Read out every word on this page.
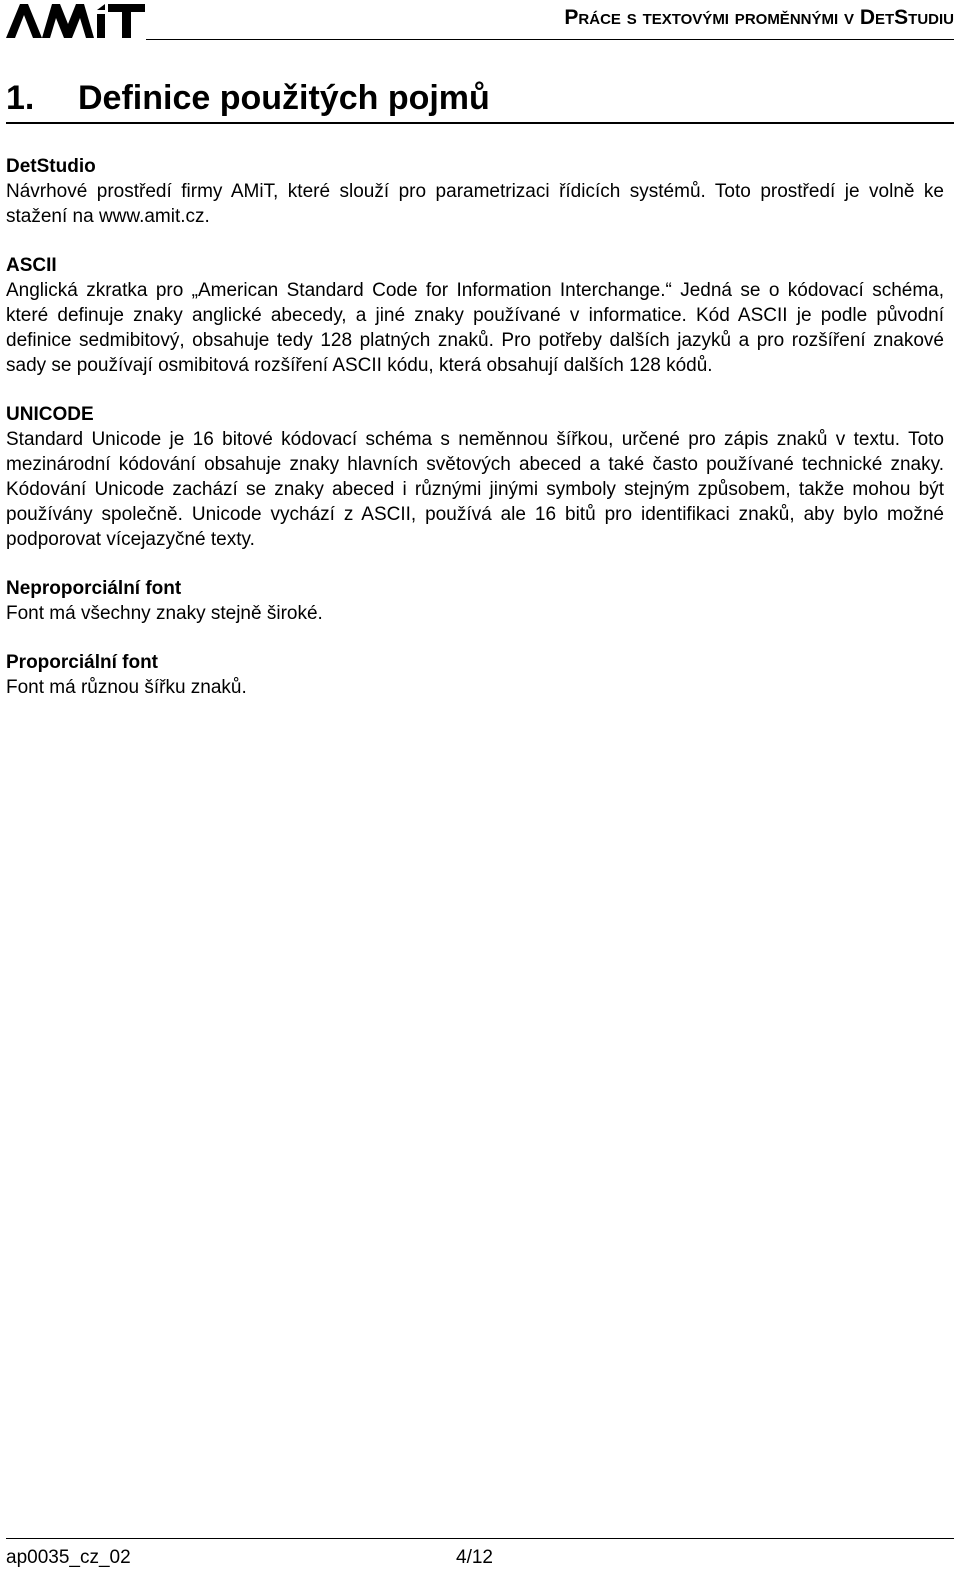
Práce s textovými proměnnými v DetStudiu
1. Definice použitých pojmů

DetStudio

Návrhové prostředí firmy AMiT, které slouží pro parametrizaci řídicích systémů. Toto prostředí je volně ke stažení na www.amit.cz.

ASCII

Anglická zkratka pro „American Standard Code for Information Interchange.“ Jedná se o kódovací schéma, které definuje znaky anglické abecedy, a jiné znaky používané v informatice. Kód ASCII je podle původní definice sedmibitový, obsahuje tedy 128 platných znaků. Pro potřeby dalších jazyků a pro rozšíření znakové sady se používají osmibitová rozšíření ASCII kódu, která obsahují dalších 128 kódů.

UNICODE

Standard Unicode je 16 bitové kódovací schéma s neměnnou šířkou, určené pro zápis znaků v textu. Toto mezinárodní kódování obsahuje znaky hlavních světových abeced a také často používané technické znaky. Kódování Unicode zachází se znaky abeced i různými jinými symboly stejným způsobem, takže mohou být používány společně. Unicode vychází z ASCII, používá ale 16 bitů pro identifikaci znaků, aby bylo možné podporovat vícejazyčné texty.

Neproporciální font

Font má všechny znaky stejně široké.

Proporciální font

Font má různou šířku znaků.

ap0035_cz_02	4/12
